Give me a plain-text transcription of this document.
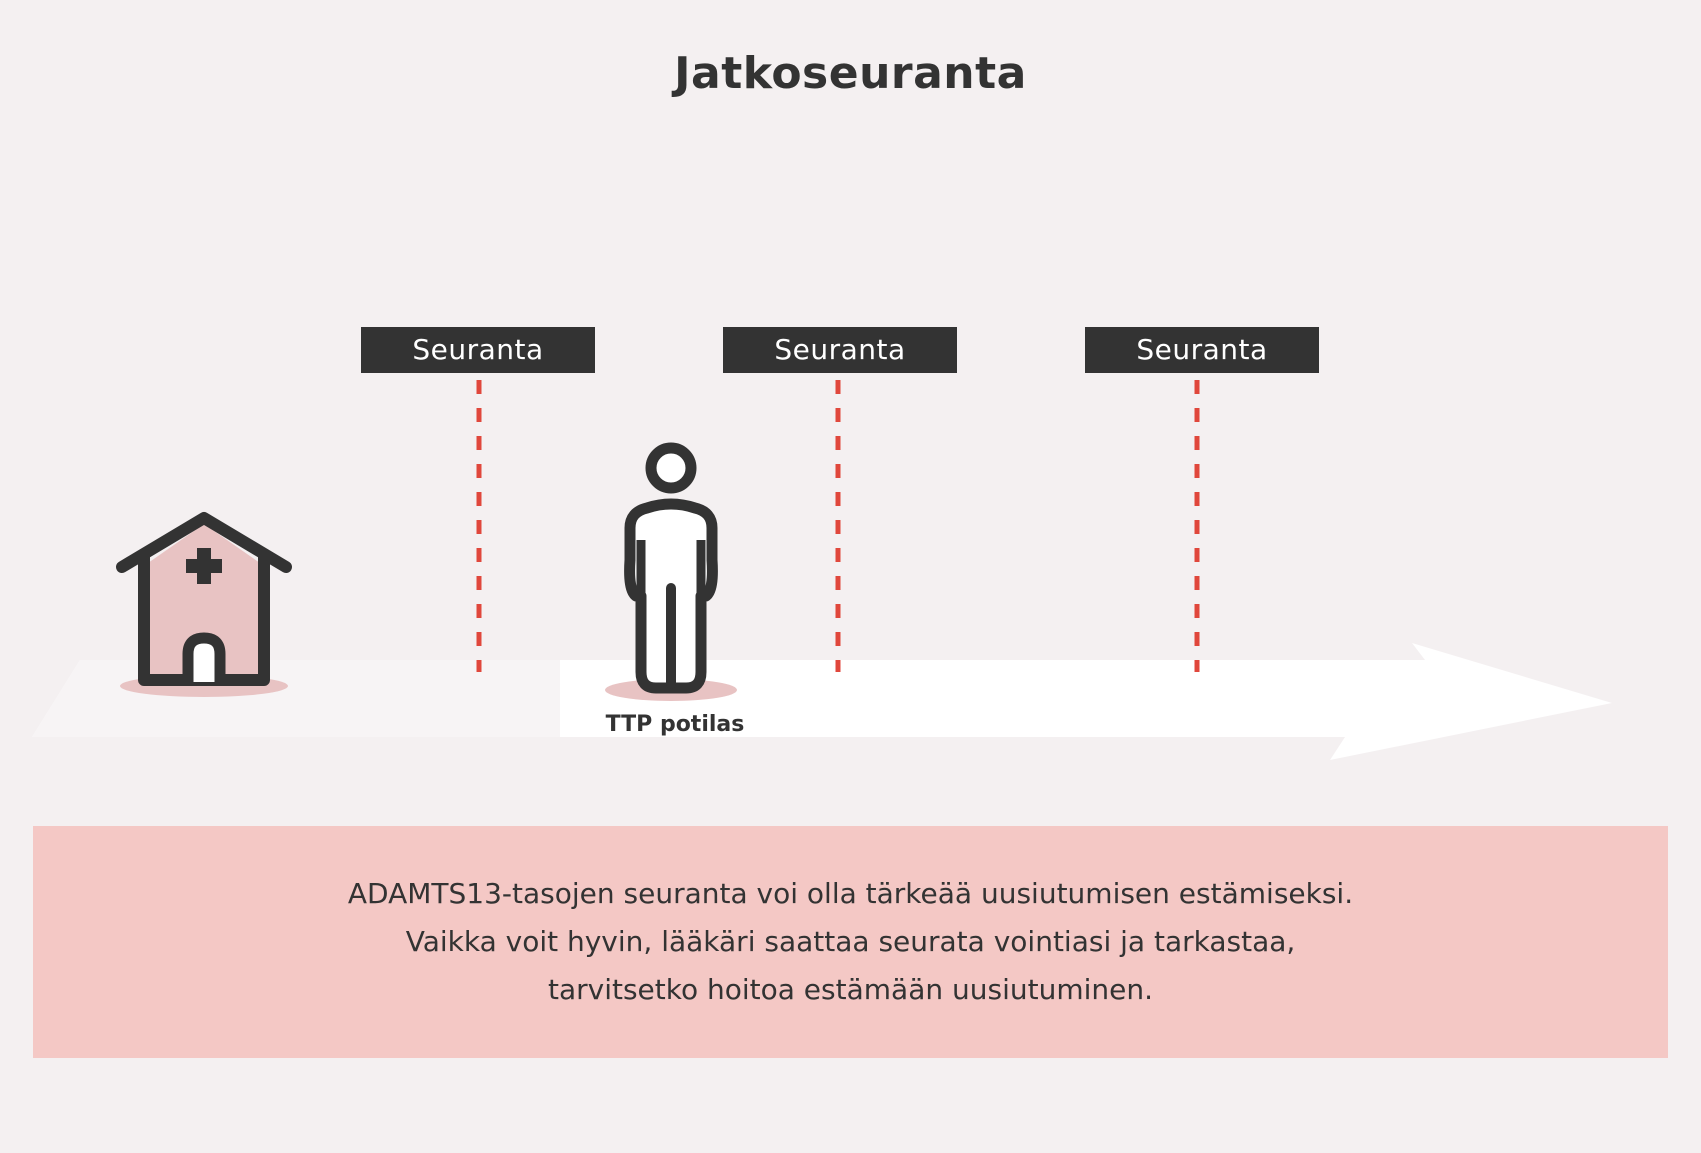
Jatkoseuranta
Seuranta	Seuranta	Seuranta
TTP potilas
ADAMTS13-tasojen seuranta voi olla tärkeää uusiutumisen estämiseksi.
Vaikka voit hyvin, lääkäri saattaa seurata vointiasi ja tarkastaa,
tarvitsetko hoitoa estämään uusiutuminen.
